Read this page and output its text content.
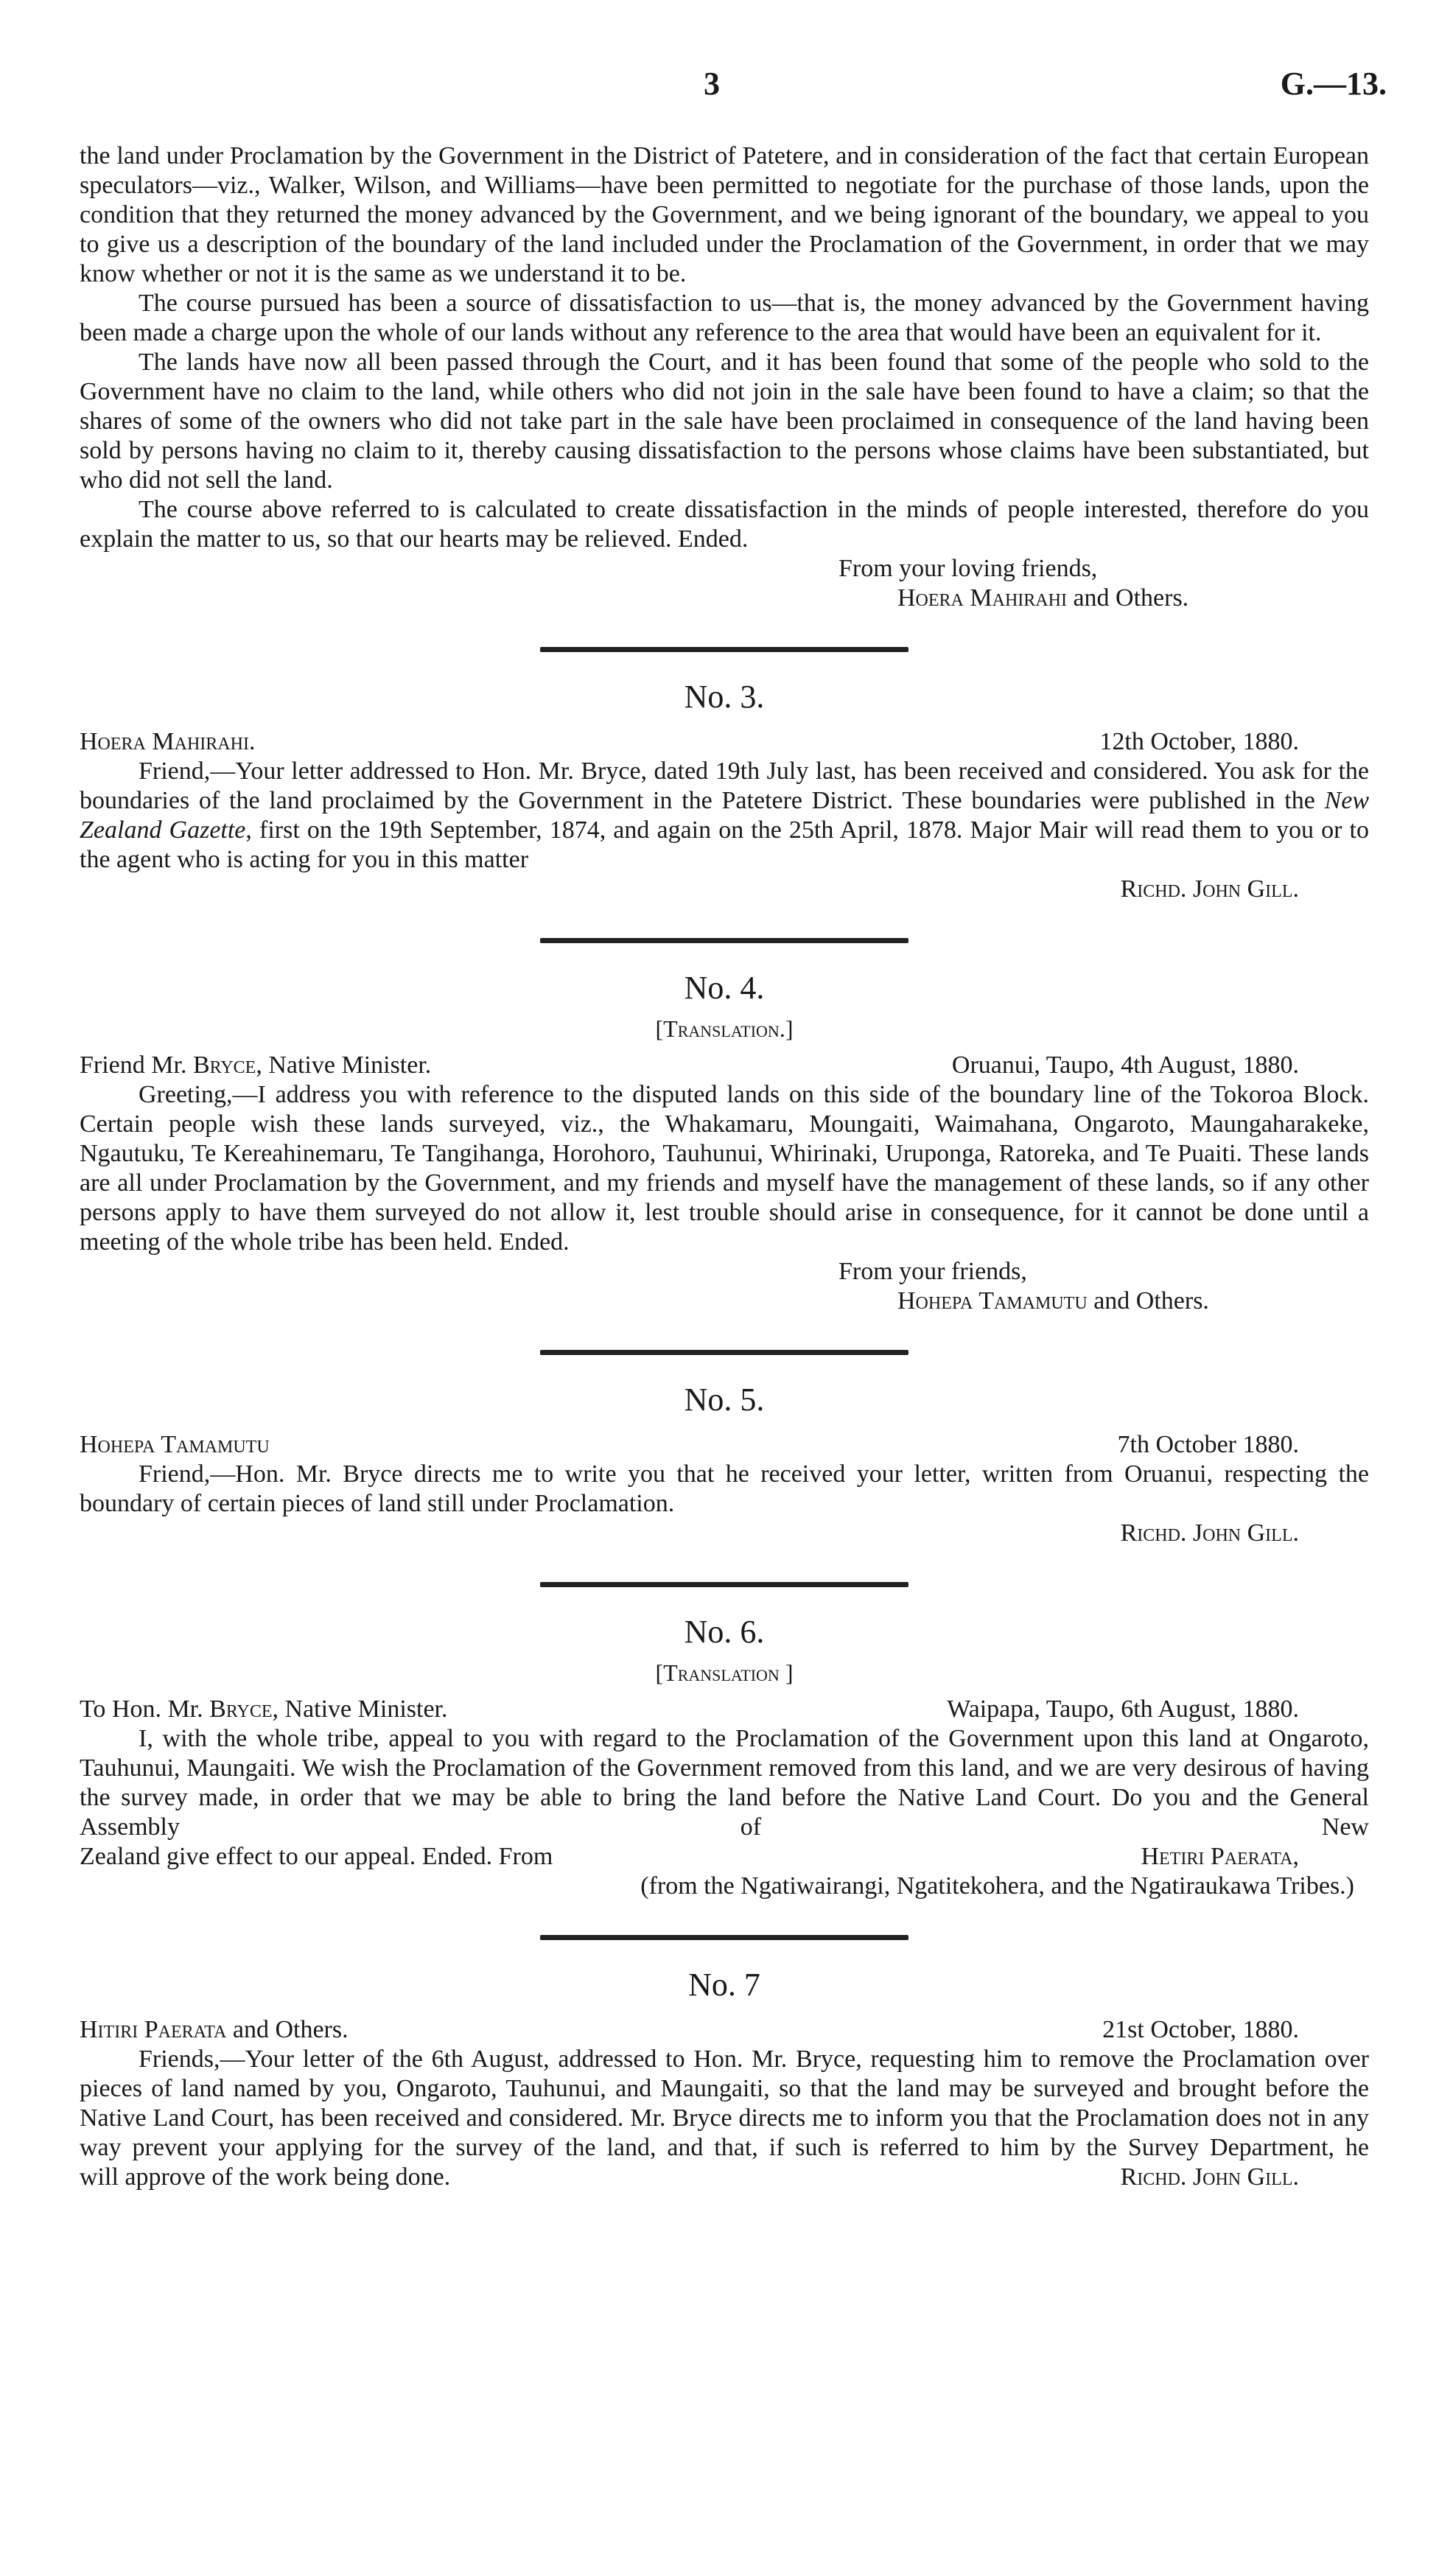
3	G.—13.

the land under Proclamation by the Government in the District of Patetere, and in consideration of the fact that certain European speculators—viz., Walker, Wilson, and Williams—have been permitted to negotiate for the purchase of those lands, upon the condition that they returned the money advanced by the Government, and we being ignorant of the boundary, we appeal to you to give us a description of the boundary of the land included under the Proclamation of the Government, in order that we may know whether or not it is the same as we understand it to be.

The course pursued has been a source of dissatisfaction to us—that is, the money advanced by the Government having been made a charge upon the whole of our lands without any reference to the area that would have been an equivalent for it.

The lands have now all been passed through the Court, and it has been found that some of the people who sold to the Government have no claim to the land, while others who did not join in the sale have been found to have a claim; so that the shares of some of the owners who did not take part in the sale have been proclaimed in consequence of the land having been sold by persons having no claim to it, thereby causing dissatisfaction to the persons whose claims have been substantiated, but who did not sell the land.

The course above referred to is calculated to create dissatisfaction in the minds of people interested, therefore do you explain the matter to us, so that our hearts may be relieved. Ended.

From your loving friends,
Hoera Mahirahi and Others.
No. 3.
Hoera Mahirahi.	12th October, 1880.

Friend,—Your letter addressed to Hon. Mr. Bryce, dated 19th July last, has been received and considered. You ask for the boundaries of the land proclaimed by the Government in the Patetere District. These boundaries were published in the New Zealand Gazette, first on the 19th September, 1874, and again on the 25th April, 1878. Major Mair will read them to you or to the agent who is acting for you in this matter

Richd. John Gill.
No. 4.
[Translation.]
Friend Mr. Bryce, Native Minister.	Oruanui, Taupo, 4th August, 1880.

Greeting,—I address you with reference to the disputed lands on this side of the boundary line of the Tokoroa Block. Certain people wish these lands surveyed, viz., the Whakamaru, Moungaiti, Waimahana, Ongaroto, Maungaharakeke, Ngautuku, Te Kereahinemaru, Te Tangihanga, Horohoro, Tauhunui, Whirinaki, Uruponga, Ratoreka, and Te Puaiti. These lands are all under Proclamation by the Government, and my friends and myself have the management of these lands, so if any other persons apply to have them surveyed do not allow it, lest trouble should arise in consequence, for it cannot be done until a meeting of the whole tribe has been held. Ended.

From your friends,
Hohepa Tamamutu and Others.
No. 5.
Hohepa Tamamutu	7th October 1880.

Friend,—Hon. Mr. Bryce directs me to write you that he received your letter, written from Oruanui, respecting the boundary of certain pieces of land still under Proclamation.

Richd. John Gill.
No. 6.
[Translation ]
To Hon. Mr. Bryce, Native Minister.	Waipapa, Taupo, 6th August, 1880.

I, with the whole tribe, appeal to you with regard to the Proclamation of the Government upon this land at Ongaroto, Tauhunui, Maungaiti. We wish the Proclamation of the Government removed from this land, and we are very desirous of having the survey made, in order that we may be able to bring the land before the Native Land Court. Do you and the General Assembly of New

Zealand give effect to our appeal. Ended. From	Hetiri Paerata,
(from the Ngatiwairangi, Ngatitekohera, and the Ngatiraukawa Tribes.)
No. 7
Hitiri Paerata and Others.	21st October, 1880.

Friends,—Your letter of the 6th August, addressed to Hon. Mr. Bryce, requesting him to remove the Proclamation over pieces of land named by you, Ongaroto, Tauhunui, and Maungaiti, so that the land may be surveyed and brought before the Native Land Court, has been received and considered. Mr. Bryce directs me to inform you that the Proclamation does not in any way prevent your applying for the survey of the land, and that, if such is referred to him by the Survey Department, he

will approve of the work being done.	Richd. John Gill.
